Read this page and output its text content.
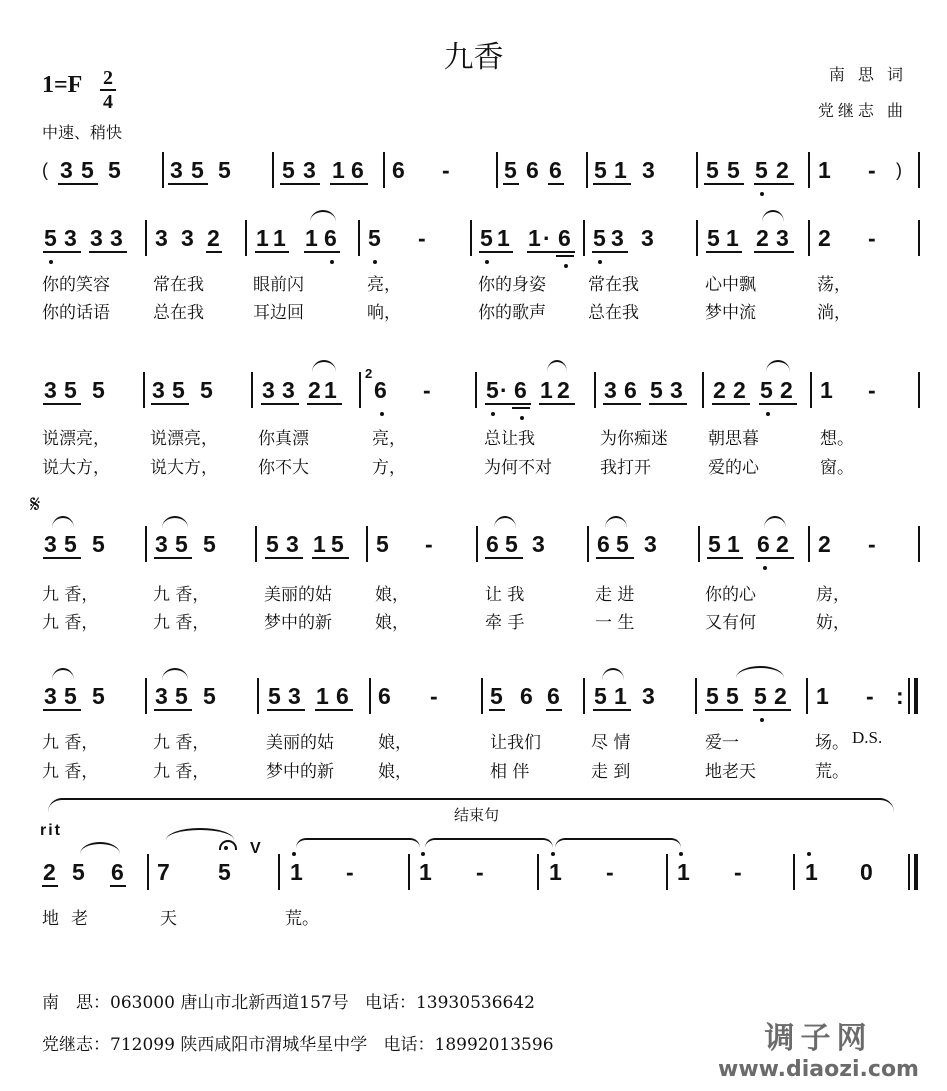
九香
1=F 2
4
中速、稍快
南 思 词
党继志 曲
( 3 5 5 3 5 5 5 3 1 6 6 - 5 6 6 5 1 3 5 5 5 2 1 - )
5 3 3 3 3 3 2 1 1 1 6 5 - 5 1 1 · 6 5 3 3 5 1 2 3 2 -
你的笑容	常在我	眼前闪	亮，	你的身姿 常在我	心中飘	荡，
你的话语	总在我	耳边回	响，	你的歌声 总在我	梦中流	淌，
3 5 5 3 5 5 3 3 2 1
2
6 - 5 · 6 1 2 3 6 5 3 2 2 5 2 1 -
说漂亮， 说漂亮， 你真漂	亮，	总让我	为你痴迷 朝思暮	想。
说大方， 说大方， 你不大	方，	为何不对	我打开	爱的心	窗。
𝄋
3 5 5 3 5 5 5 3 1 5 5 - 6 5 3 6 5 3 5 1 6 2 2 -
九 香，	九 香，	美丽的姑	娘，	让 我	走 进	你的心	房，
九 香，	九 香，	梦中的新	娘，	牵 手	一 生	又有何	妨，
3 5 5 3 5 5 5 3 1 6 6 - 5 6 6 5 1 3 5 5 5 2 1 - :
九 香，	九 香，	美丽的姑	娘，	让我们	尽 情	爱一	场。 D.S.
九 香，	九 香，	梦中的新	娘，	相 伴	走 到	地老天	荒。
结束句
rit
2 5 6 7 5
V
1 -	1 -	1 -	1 -	1 0
地老	天	荒。
南　思：063000 唐山市北新西道157号 电话：13930536642
党继志：712099 陕西咸阳市渭城华星中学 电话：18992013596	调子网
www.diaozi.com
